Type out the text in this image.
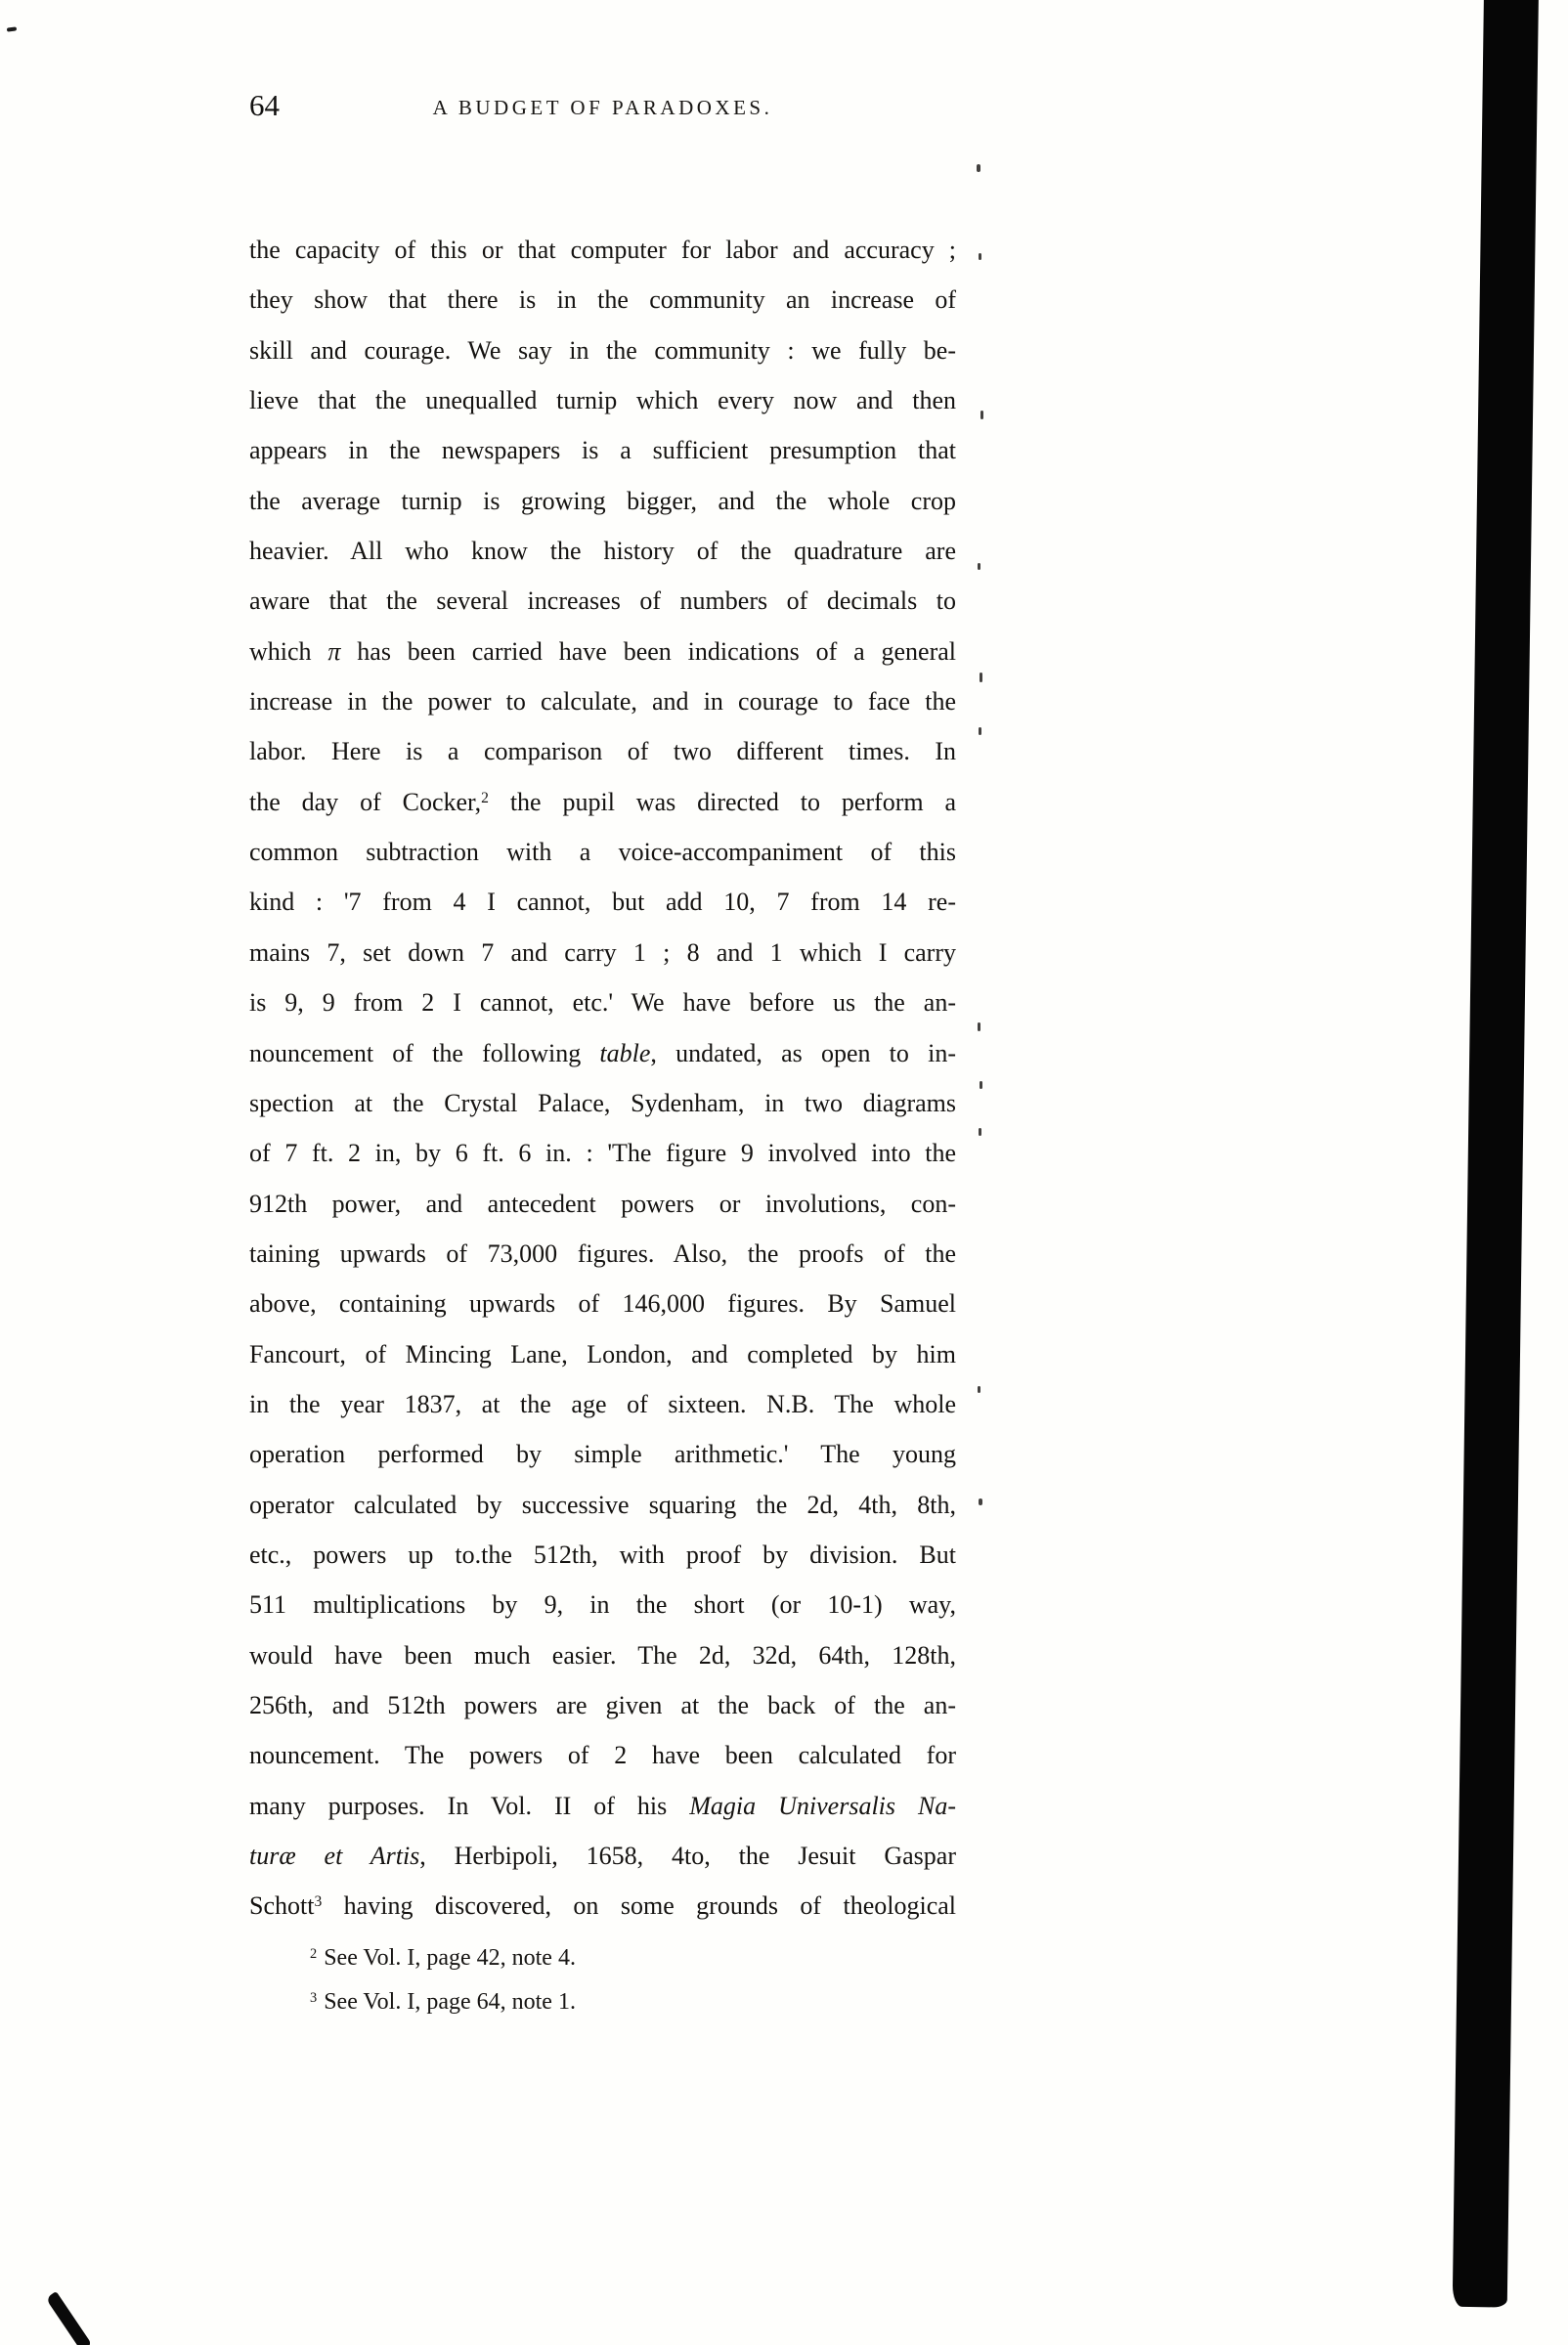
64	A BUDGET OF PARADOXES.
the capacity of this or that computer for labor and accuracy ;
they show that there is in the community an increase of
skill and courage. We say in the community : we fully be-
lieve that the unequalled turnip which every now and then
appears in the newspapers is a sufficient presumption that
the average turnip is growing bigger, and the whole crop
heavier. All who know the history of the quadrature are
aware that the several increases of numbers of decimals to
which π has been carried have been indications of a general
increase in the power to calculate, and in courage to face the
labor. Here is a comparison of two different times. In
the day of Cocker,$^2$ the pupil was directed to perform a
common subtraction with a voice-accompaniment of this
kind : '7 from 4 I cannot, but add 10, 7 from 14 re-
mains 7, set down 7 and carry 1 ; 8 and 1 which I carry
is 9, 9 from 2 I cannot, etc.' We have before us the an-
nouncement of the following table, undated, as open to in-
spection at the Crystal Palace, Sydenham, in two diagrams
of 7 ft. 2 in, by 6 ft. 6 in. : 'The figure 9 involved into the
912th power, and antecedent powers or involutions, con-
taining upwards of 73,000 figures. Also, the proofs of the
above, containing upwards of 146,000 figures. By Samuel
Fancourt, of Mincing Lane, London, and completed by him
in the year 1837, at the age of sixteen. N.B. The whole
operation performed by simple arithmetic.' The young
operator calculated by successive squaring the 2d, 4th, 8th,
etc., powers up to.the 512th, with proof by division. But
511 multiplications by 9, in the short (or 10-1) way,
would have been much easier. The 2d, 32d, 64th, 128th,
256th, and 512th powers are given at the back of the an-
nouncement. The powers of 2 have been calculated for
many purposes. In Vol. II of his Magia Universalis Na-
turæ et Artis, Herbipoli, 1658, 4to, the Jesuit Gaspar
Schott$^3$ having discovered, on some grounds of theological
$^2$ See Vol. I, page 42, note 4.
$^3$ See Vol. I, page 64, note 1.
